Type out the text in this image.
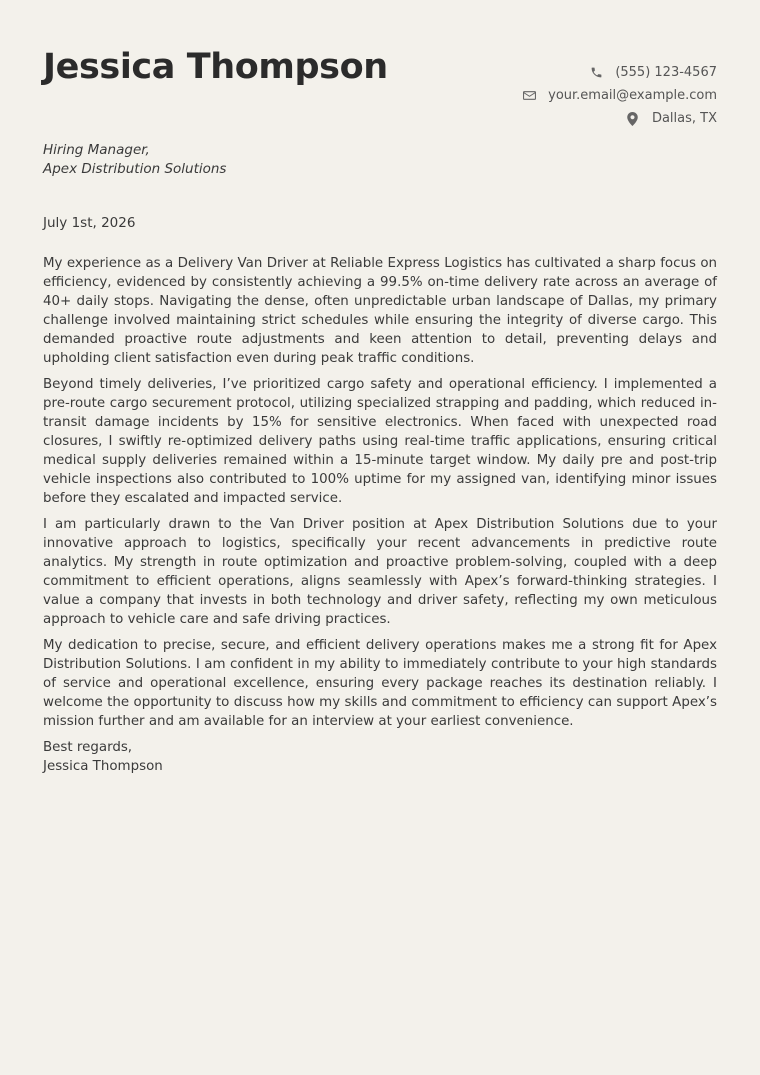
Jessica Thompson	(555) 123-4567
your.email@example.com
Dallas, TX
Hiring Manager,
Apex Distribution Solutions
July 1st, 2026

My experience as a Delivery Van Driver at Reliable Express Logistics has cultivated a sharp focus on efficiency, evidenced by consistently achieving a 99.5% on-time delivery rate across an average of 40+ daily stops. Navigating the dense, often unpredictable urban landscape of Dallas, my primary challenge involved maintaining strict schedules while ensuring the integrity of diverse cargo. This demanded proactive route adjustments and keen attention to detail, preventing delays and upholding client satisfaction even during peak traffic conditions.

Beyond timely deliveries, I’ve prioritized cargo safety and operational efficiency. I implemented a pre-route cargo securement protocol, utilizing specialized strapping and padding, which reduced in-transit damage incidents by 15% for sensitive electronics. When faced with unexpected road closures, I swiftly re-optimized delivery paths using real-time traffic applications, ensuring critical medical supply deliveries remained within a 15-minute target window. My daily pre and post-trip vehicle inspections also contributed to 100% uptime for my assigned van, identifying minor issues before they escalated and impacted service.

I am particularly drawn to the Van Driver position at Apex Distribution Solutions due to your innovative approach to logistics, specifically your recent advancements in predictive route analytics. My strength in route optimization and proactive problem-solving, coupled with a deep commitment to efficient operations, aligns seamlessly with Apex’s forward-thinking strategies. I value a company that invests in both technology and driver safety, reflecting my own meticulous approach to vehicle care and safe driving practices.

My dedication to precise, secure, and efficient delivery operations makes me a strong fit for Apex Distribution Solutions. I am confident in my ability to immediately contribute to your high standards of service and operational excellence, ensuring every package reaches its destination reliably. I welcome the opportunity to discuss how my skills and commitment to efficiency can support Apex’s mission further and am available for an interview at your earliest convenience.

Best regards,
Jessica Thompson
